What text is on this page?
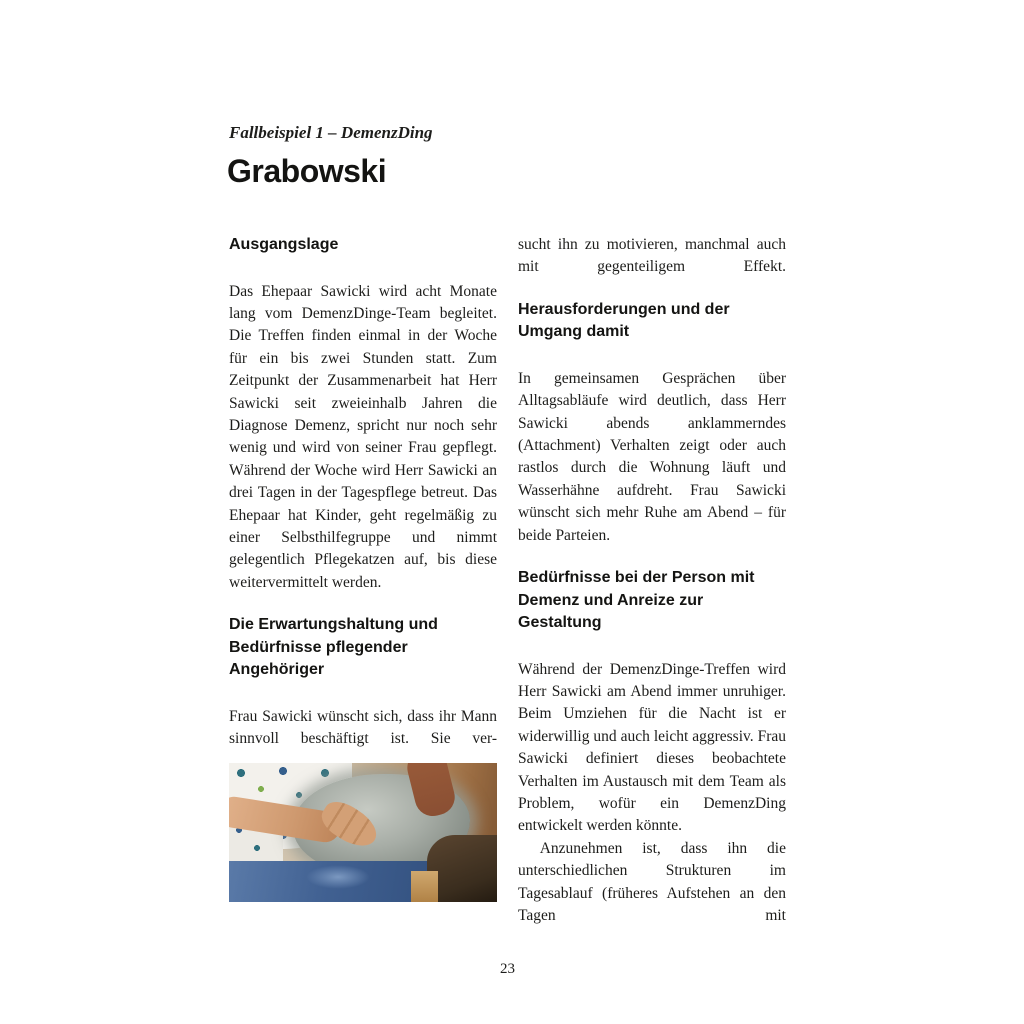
Fallbeispiel 1 – DemenzDing
Grabowski
Ausgangslage

Das Ehepaar Sawicki wird acht Monate lang vom DemenzDinge-Team begleitet. Die Treffen finden einmal in der Woche für ein bis zwei Stunden statt. Zum Zeitpunkt der Zusammenarbeit hat Herr Sawicki seit zweieinhalb Jahren die Diagnose Demenz, spricht nur noch sehr wenig und wird von seiner Frau gepflegt. Während der Woche wird Herr Sawicki an drei Tagen in der Tagespflege betreut. Das Ehepaar hat Kinder, geht regelmäßig zu einer Selbsthilfegruppe und nimmt gelegentlich Pflegekatzen auf, bis diese weitervermittelt werden.

Die Erwartungshaltung und Bedürfnisse pflegender Angehöriger

Frau Sawicki wünscht sich, dass ihr Mann sinnvoll beschäftigt ist. Sie ver-

sucht ihn zu motivieren, manchmal auch mit gegenteiligem Effekt.

Herausforderungen und der Umgang damit

In gemeinsamen Gesprächen über Alltagsabläufe wird deutlich, dass Herr Sawicki abends anklammerndes (Attachment) Verhalten zeigt oder auch rastlos durch die Wohnung läuft und Wasserhähne aufdreht. Frau Sawicki wünscht sich mehr Ruhe am Abend – für beide Parteien.

Bedürfnisse bei der Person mit Demenz und Anreize zur Gestaltung

Während der DemenzDinge-Treffen wird Herr Sawicki am Abend immer unruhiger. Beim Umziehen für die Nacht ist er widerwillig und auch leicht aggressiv. Frau Sawicki definiert dieses beobachtete Verhalten im Austausch mit dem Team als Problem, wofür ein DemenzDing entwickelt werden könnte.

Anzunehmen ist, dass ihn die unterschiedlichen Strukturen im Tagesablauf (früheres Aufstehen an den Tagen mit

23
